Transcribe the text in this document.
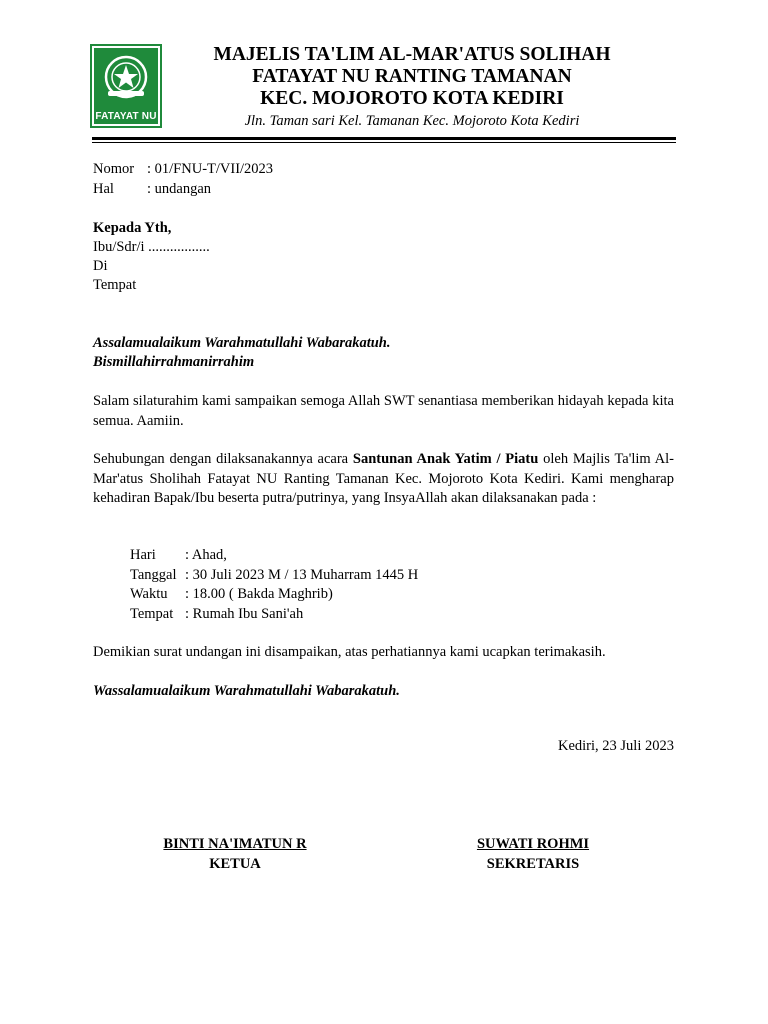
FATAYAT NU
MAJELIS TA'LIM AL-MAR'ATUS SOLIHAH
FATAYAT NU RANTING TAMANAN
KEC. MOJOROTO KOTA KEDIRI
Jln. Taman sari Kel. Tamanan Kec. Mojoroto Kota Kediri
Nomor : 01/FNU-T/VII/2023
Hal : undangan
Kepada Yth,
Ibu/Sdr/i .................
Di
Tempat
Assalamualaikum Warahmatullahi Wabarakatuh.
Bismillahirrahmanirrahim
Salam silaturahim kami sampaikan semoga Allah SWT senantiasa memberikan hidayah kepada kita semua. Aamiin.
Sehubungan dengan dilaksanakannya acara Santunan Anak Yatim / Piatu oleh Majlis Ta'lim Al-Mar'atus Sholihah Fatayat NU Ranting Tamanan Kec. Mojoroto Kota Kediri. Kami mengharap kehadiran Bapak/Ibu beserta putra/putrinya, yang InsyaAllah akan dilaksanakan pada :
Hari : Ahad,
Tanggal : 30 Juli 2023 M / 13 Muharram 1445 H
Waktu : 18.00 ( Bakda Maghrib)
Tempat : Rumah Ibu Sani'ah
Demikian surat undangan ini disampaikan, atas perhatiannya kami ucapkan terimakasih.
Wassalamualaikum Warahmatullahi Wabarakatuh.
Kediri, 23 Juli 2023
BINTI NA'IMATUN R
KETUA
SUWATI ROHMI
SEKRETARIS
